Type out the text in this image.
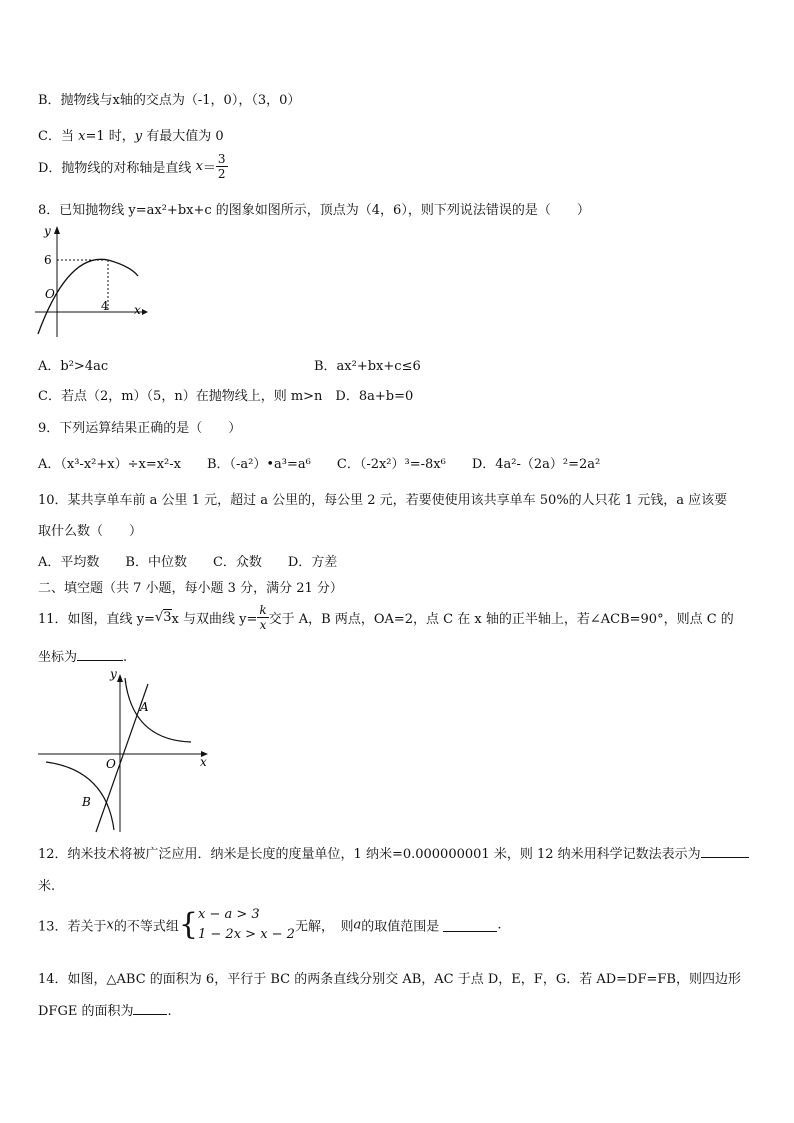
B．抛物线与x轴的交点为（-1，0），（3，0）
C．当 x=1 时，y 有最大值为 0
D．抛物线的对称轴是直线 $x= \frac{3}{2}$
8．已知抛物线 y=ax²+bx+c 的图象如图所示，顶点为（4，6），则下列说法错误的是（　　）
y
x
6
O
4
A．b²>4ac	B．ax²+bx+c≤6
C．若点（2，m）（5，n）在抛物线上，则 m>n　D．8a+b=0
9．下列运算结果正确的是（　　）
A．（x³-x²+x）÷x=x²-x　　B．（-a²）•a³=a⁶　　C．（-2x²）³=-8x⁶　　D．4a²-（2a）²=2a²
10．某共享单车前 a 公里 1 元，超过 a 公里的，每公里 2 元，若要使使用该共享单车 50%的人只花 1 元钱，a 应该要
取什么数（　　）
A．平均数　　B．中位数　　C．众数　　D．方差
二、填空题（共 7 小题，每小题 3 分，满分 21 分）
11．如图，直线 y=√3x 与双曲线 $y= \frac{k}{x}$ 交于 A，B 两点，OA=2，点 C 在 x 轴的正半轴上，若∠ACB=90°，则点 C 的
坐标为	.
y
x
O
A
B
12．纳米技术将被广泛应用．纳米是长度的度量单位，1 纳米=0.000000001 米，则 12 纳米用科学记数法表示为
米.
13．若关于x的不等式组{ x − a > 3
1 − 2x > x − 2 无解，　则a的取值范围是	.
14．如图，△ABC 的面积为 6，平行于 BC 的两条直线分别交 AB，AC 于点 D，E，F，G．若 AD=DF=FB，则四边形
DFGE 的面积为	.
